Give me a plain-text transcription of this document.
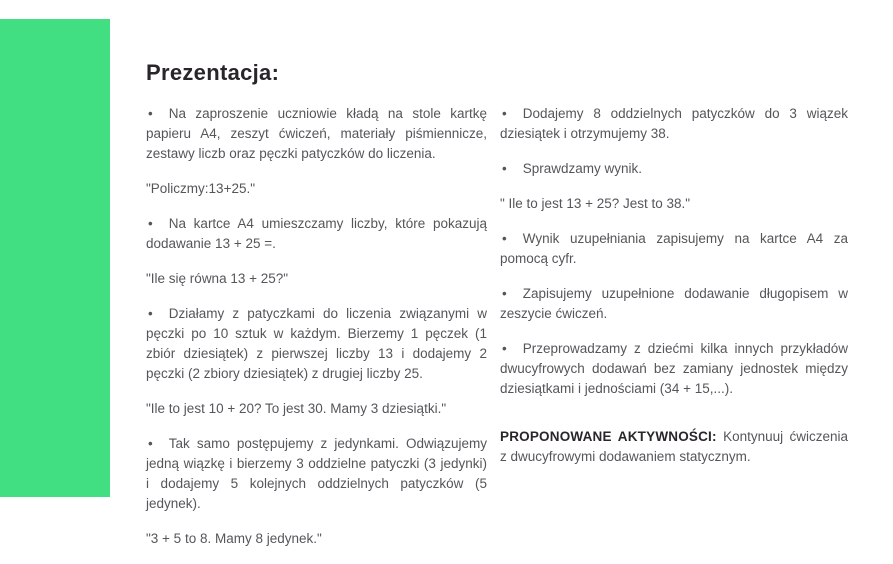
Prezentacja:

• Na zaproszenie uczniowie kładą na stole kartkę papieru A4, zeszyt ćwiczeń, materiały piśmiennicze, zestawy liczb oraz pęczki patyczków do liczenia.

"Policzmy:13+25."

• Na kartce A4 umieszczamy liczby, które pokazują dodawanie 13 + 25 =.

"Ile się równa 13 + 25?"

• Działamy z patyczkami do liczenia związanymi w pęczki po 10 sztuk w każdym. Bierzemy 1 pęczek (1 zbiór dziesiątek) z pierwszej liczby 13 i dodajemy 2 pęczki (2 zbiory dziesiątek) z drugiej liczby 25.

"Ile to jest 10 + 20? To jest 30. Mamy 3 dziesiątki."

• Tak samo postępujemy z jedynkami. Odwiązujemy jedną wiązkę i bierzemy 3 oddzielne patyczki (3 jedynki) i dodajemy 5 kolejnych oddzielnych patyczków (5 jedynek).

"3 + 5 to 8. Mamy 8 jedynek."

• Dodajemy 8 oddzielnych patyczków do 3 wiązek dziesiątek i otrzymujemy 38.

• Sprawdzamy wynik.

" Ile to jest 13 + 25? Jest to 38."

• Wynik uzupełniania zapisujemy na kartce A4 za pomocą cyfr.

• Zapisujemy uzupełnione dodawanie długopisem w zeszycie ćwiczeń.

• Przeprowadzamy z dziećmi kilka innych przykładów dwucyfrowych dodawań bez zamiany jednostek między dziesiątkami i jednościami (34 + 15,...).

PROPONOWANE AKTYWNOŚCI: Kontynuuj ćwiczenia z dwucyfrowymi dodawaniem statycznym.
